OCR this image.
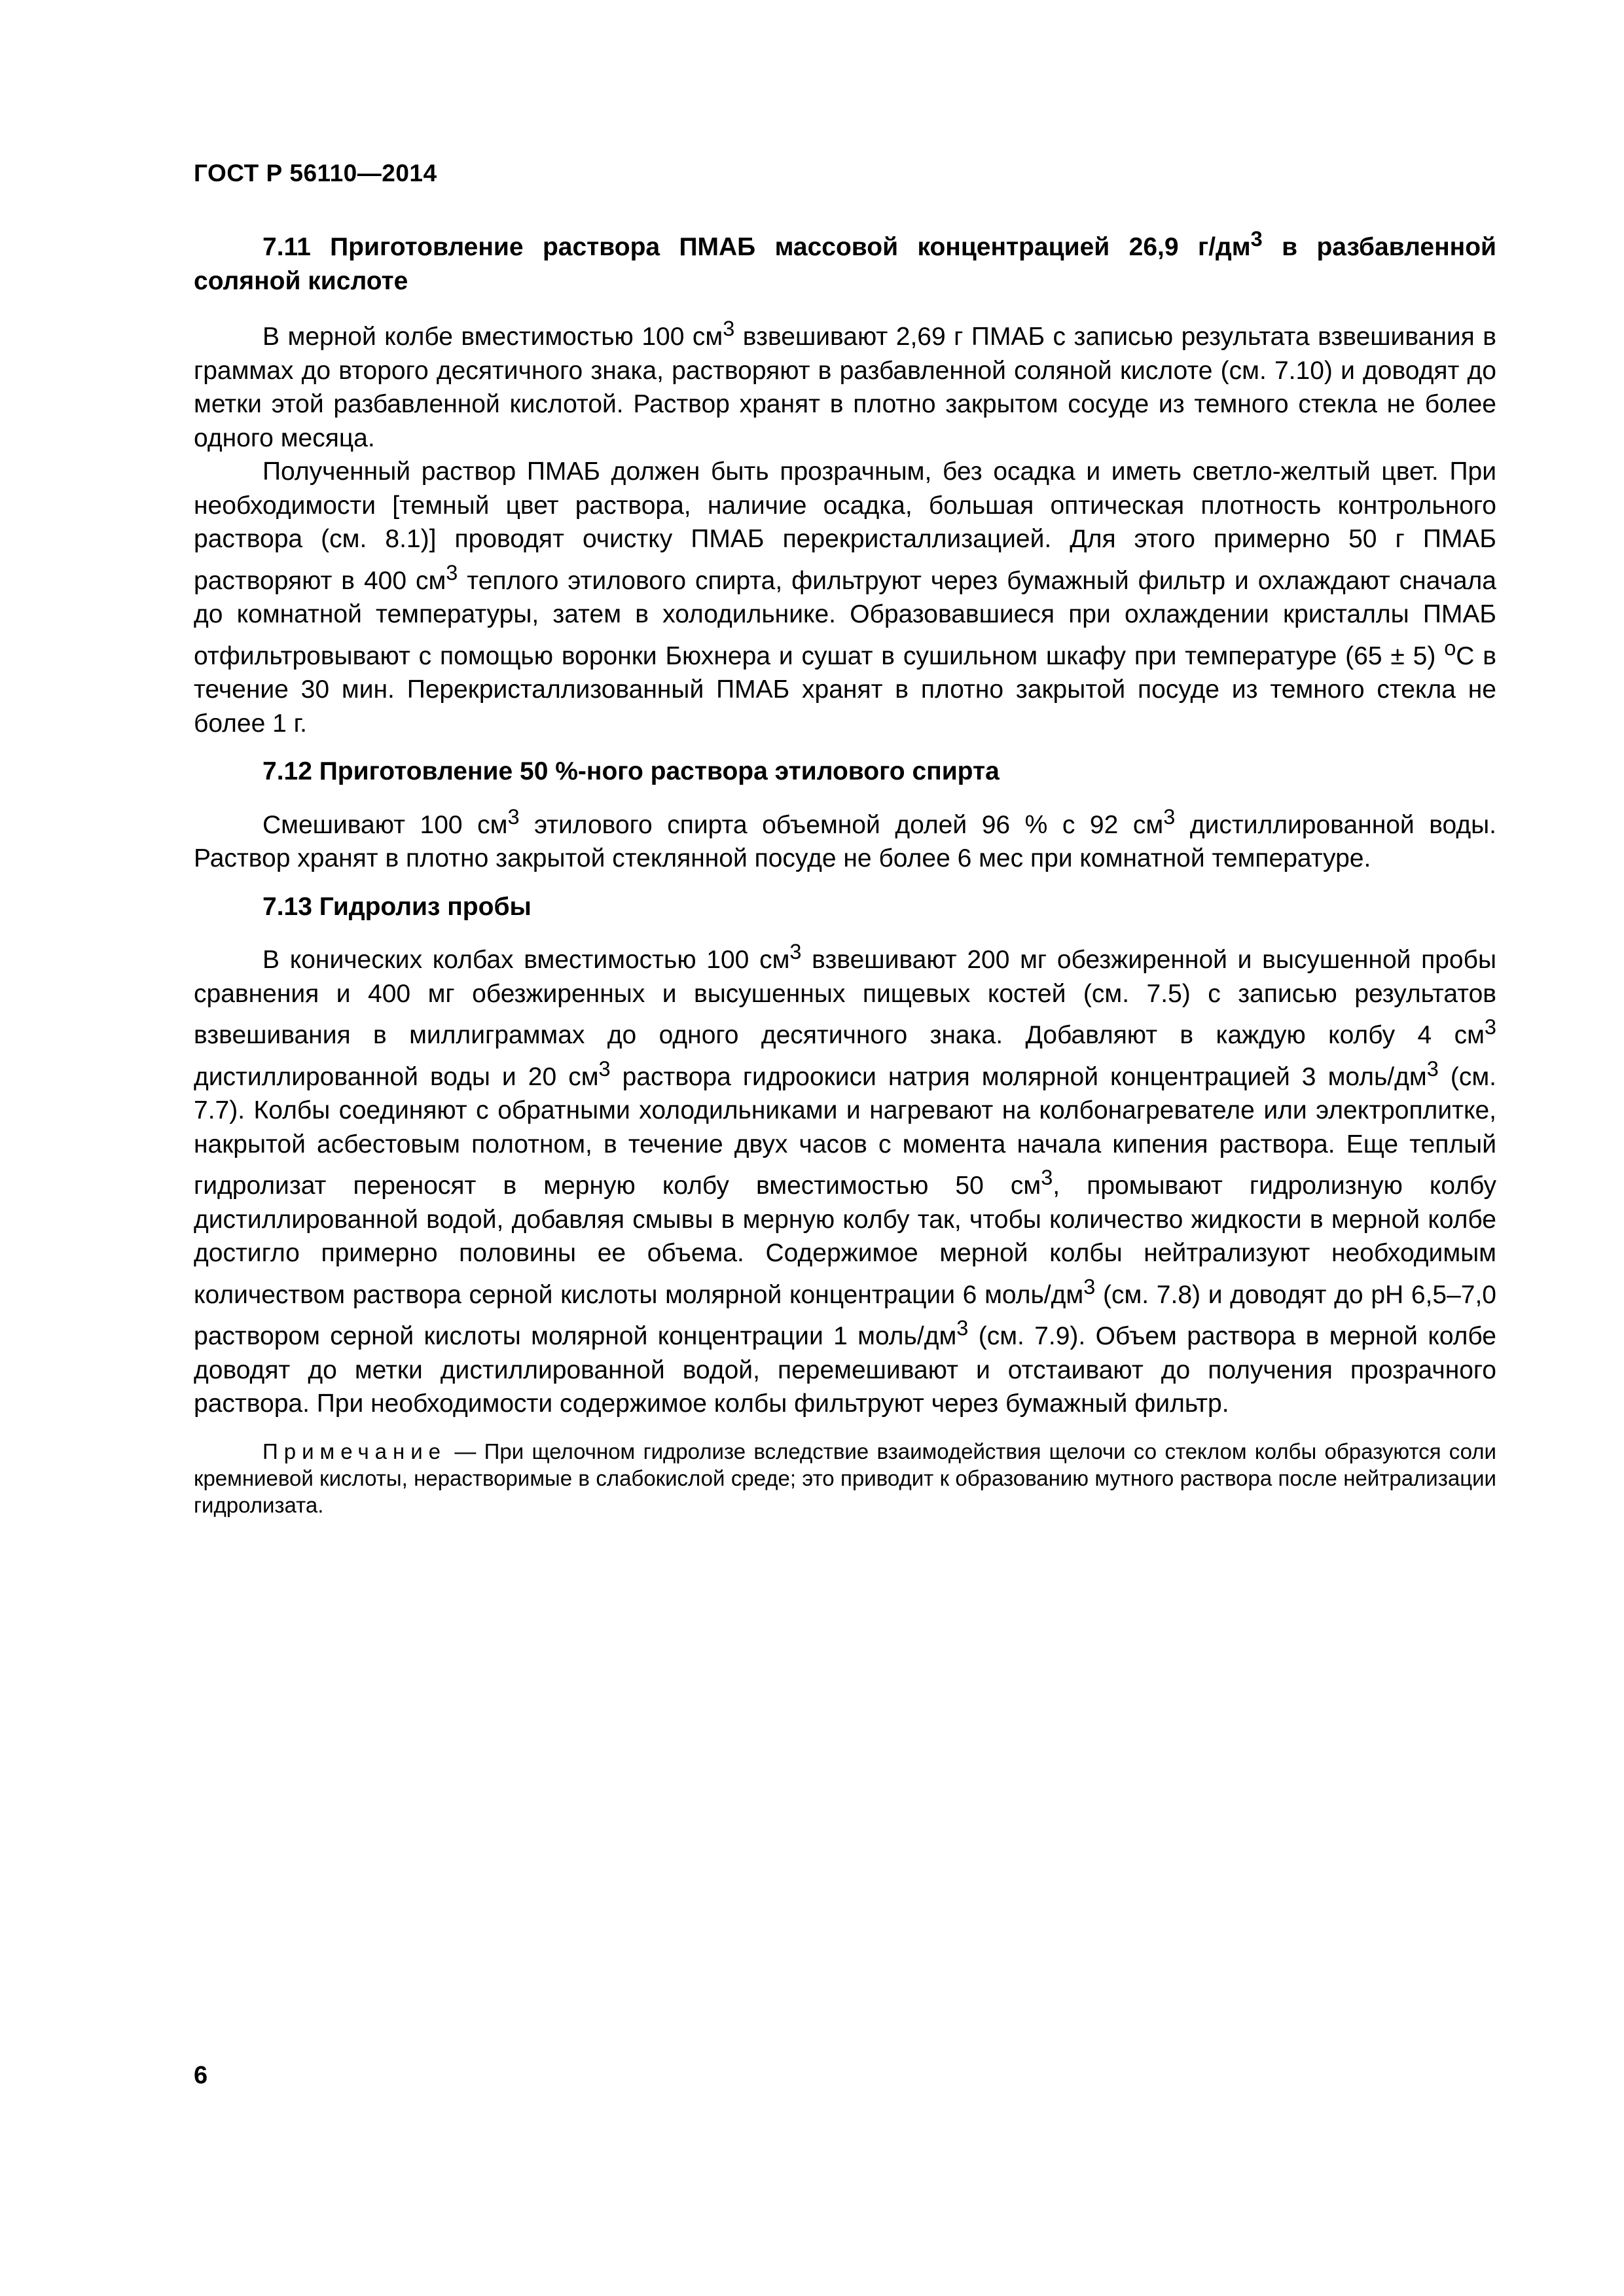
ГОСТ Р 56110—2014
7.11 Приготовление раствора ПМАБ массовой концентрацией 26,9 $г/дм^3$ в разбавленной соляной кислоте

В мерной колбе вместимостью 100 $см^3$ взвешивают 2,69 г ПМАБ с записью результата взвешивания в граммах до второго десятичного знака, растворяют в разбавленной соляной кислоте (см. 7.10) и доводят до метки этой разбавленной кислотой. Раствор хранят в плотно закрытом сосуде из темного стекла не более одного месяца.

Полученный раствор ПМАБ должен быть прозрачным, без осадка и иметь светло-желтый цвет. При необходимости [темный цвет раствора, наличие осадка, большая оптическая плотность контрольного раствора (см. 8.1)] проводят очистку ПМАБ перекристаллизацией. Для этого примерно 50 г ПМАБ растворяют в 400 $см^3$ теплого этилового спирта, фильтруют через бумажный фильтр и охлаждают сначала до комнатной температуры, затем в холодильнике. Образовавшиеся при охлаждении кристаллы ПМАБ отфильтровывают с помощью воронки Бюхнера и сушат в сушильном шкафу при температуре (65 ± 5) $^о$С в течение 30 мин. Перекристаллизованный ПМАБ хранят в плотно закрытой посуде из темного стекла не более 1 г.

7.12 Приготовление 50 %-ного раствора этилового спирта

Смешивают 100 $см^3$ этилового спирта объемной долей 96 % с 92 $см^3$ дистиллированной воды. Раствор хранят в плотно закрытой стеклянной посуде не более 6 мес при комнатной температуре.

7.13 Гидролиз пробы

В конических колбах вместимостью 100 $см^3$ взвешивают 200 мг обезжиренной и высушенной пробы сравнения и 400 мг обезжиренных и высушенных пищевых костей (см. 7.5) с записью результатов взвешивания в миллиграммах до одного десятичного знака. Добавляют в каждую колбу 4 $см^3$ дистиллированной воды и 20 $см^3$ раствора гидроокиси натрия молярной концентрацией 3 моль/$дм^3$ (см. 7.7). Колбы соединяют с обратными холодильниками и нагревают на колбонагревателе или электроплитке, накрытой асбестовым полотном, в течение двух часов с момента начала кипения раствора. Еще теплый гидролизат переносят в мерную колбу вместимостью 50 $см^3$, промывают гидролизную колбу дистиллированной водой, добавляя смывы в мерную колбу так, чтобы количество жидкости в мерной колбе достигло примерно половины ее объема. Содержимое мерной колбы нейтрализуют необходимым количеством раствора серной кислоты молярной концентрации 6 моль/$дм^3$ (см. 7.8) и доводят до pH 6,5–7,0 раствором серной кислоты молярной концентрации 1 моль/$дм^3$ (см. 7.9). Объем раствора в мерной колбе доводят до метки дистиллированной водой, перемешивают и отстаивают до получения прозрачного раствора. При необходимости содержимое колбы фильтруют через бумажный фильтр.

Примечание — При щелочном гидролизе вследствие взаимодействия щелочи со стеклом колбы образуются соли кремниевой кислоты, нерастворимые в слабокислой среде; это приводит к образованию мутного раствора после нейтрализации гидролизата.

6
